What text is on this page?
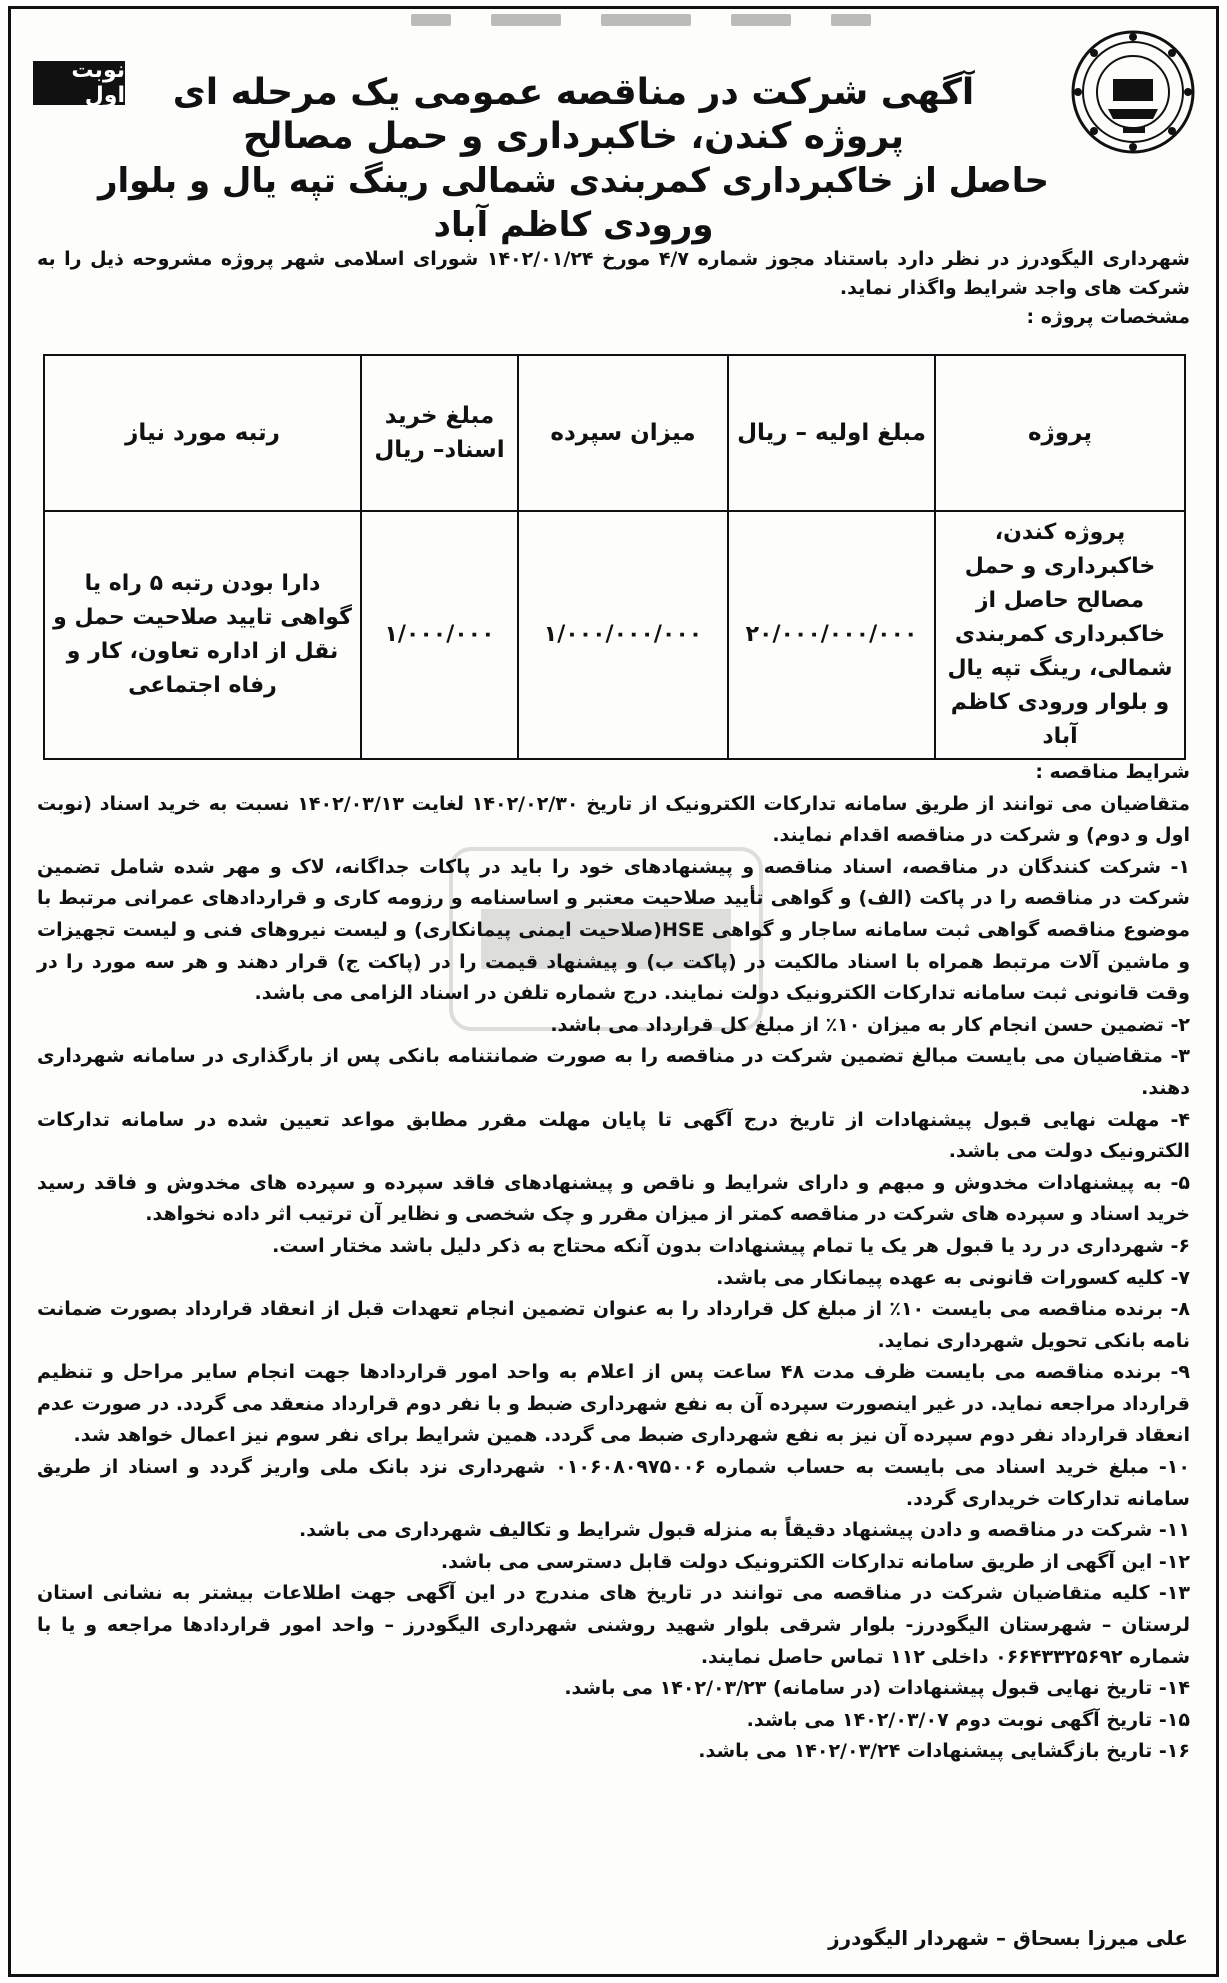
نوبت اول	آگهی شرکت در مناقصه عمومی یک مرحله ای
پروژه کندن، خاکبرداری و حمل مصالح
حاصل از خاکبرداری کمربندی شمالی رینگ تپه یال و بلوار ورودی کاظم آباد
شهرداری الیگودرز در نظر دارد باستناد مجوز شماره ۴/۷ مورخ ۱۴۰۲/۰۱/۲۴ شورای اسلامی شهر پروژه مشروحه ذیل را به شرکت های واجد شرایط واگذار نماید.
مشخصات پروژه :
پروژه	مبلغ اولیه – ریال	میزان سپرده	مبلغ خرید اسناد– ریال	رتبه مورد نیاز
پروژه کندن، خاکبرداری و حمل مصالح حاصل از خاکبرداری کمربندی شمالی، رینگ تپه یال و بلوار ورودی کاظم آباد	۲۰/۰۰۰/۰۰۰/۰۰۰	۱/۰۰۰/۰۰۰/۰۰۰	۱/۰۰۰/۰۰۰	دارا بودن رتبه ۵ راه یا گواهی تایید صلاحیت حمل و نقل از اداره تعاون، کار و رفاه اجتماعی

شرایط مناقصه :

متقاضیان می توانند از طریق سامانه تدارکات الکترونیک از تاریخ ۱۴۰۲/۰۲/۳۰ لغایت ۱۴۰۲/۰۳/۱۳ نسبت به خرید اسناد (نوبت اول و دوم) و شرکت در مناقصه اقدام نمایند.

۱- شرکت کنندگان در مناقصه، اسناد مناقصه و پیشنهادهای خود را باید در پاکات جداگانه، لاک و مهر شده شامل تضمین شرکت در مناقصه را در پاکت (الف) و گواهی تأیید صلاحیت معتبر و اساسنامه و رزومه کاری و قراردادهای عمرانی مرتبط با موضوع مناقصه گواهی ثبت سامانه ساجار و گواهی HSE(صلاحیت ایمنی پیمانکاری) و لیست نیروهای فنی و لیست تجهیزات و ماشین آلات مرتبط همراه با اسناد مالکیت در (پاکت ب) و پیشنهاد قیمت را در (پاکت ج) قرار دهند و هر سه مورد را در وقت قانونی ثبت سامانه تدارکات الکترونیک دولت نمایند. درج شماره تلفن در اسناد الزامی می باشد.

۲- تضمین حسن انجام کار به میزان ۱۰٪ از مبلغ کل قرارداد می باشد.

۳- متقاضیان می بایست مبالغ تضمین شرکت در مناقصه را به صورت ضمانتنامه بانکی پس از بارگذاری در سامانه شهرداری دهند.

۴- مهلت نهایی قبول پیشنهادات از تاریخ درج آگهی تا پایان مهلت مقرر مطابق مواعد تعیین شده در سامانه تدارکات الکترونیک دولت می باشد.

۵- به پیشنهادات مخدوش و مبهم و دارای شرایط و ناقص و پیشنهادهای فاقد سپرده و سپرده های مخدوش و فاقد رسید خرید اسناد و سپرده های شرکت در مناقصه کمتر از میزان مقرر و چک شخصی و نظایر آن ترتیب اثر داده نخواهد.

۶- شهرداری در رد یا قبول هر یک یا تمام پیشنهادات بدون آنکه محتاج به ذکر دلیل باشد مختار است.

۷- کلیه کسورات قانونی به عهده پیمانکار می باشد.

۸- برنده مناقصه می بایست ۱۰٪ از مبلغ کل قرارداد را به عنوان تضمین انجام تعهدات قبل از انعقاد قرارداد بصورت ضمانت نامه بانکی تحویل شهرداری نماید.

۹- برنده مناقصه می بایست ظرف مدت ۴۸ ساعت پس از اعلام به واحد امور قراردادها جهت انجام سایر مراحل و تنظیم قرارداد مراجعه نماید. در غیر اینصورت سپرده آن به نفع شهرداری ضبط و با نفر دوم قرارداد منعقد می گردد. در صورت عدم انعقاد قرارداد نفر دوم سپرده آن نیز به نفع شهرداری ضبط می گردد. همین شرایط برای نفر سوم نیز اعمال خواهد شد.

۱۰- مبلغ خرید اسناد می بایست به حساب شماره ۰۱۰۶۰۸۰۹۷۵۰۰۶ شهرداری نزد بانک ملی واریز گردد و اسناد از طریق سامانه تدارکات خریداری گردد.

۱۱- شرکت در مناقصه و دادن پیشنهاد دقیقاً به منزله قبول شرایط و تکالیف شهرداری می باشد.

۱۲- این آگهی از طریق سامانه تدارکات الکترونیک دولت قابل دسترسی می باشد.

۱۳- کلیه متقاضیان شرکت در مناقصه می توانند در تاریخ های مندرج در این آگهی جهت اطلاعات بیشتر به نشانی استان لرستان – شهرستان الیگودرز- بلوار شرقی بلوار شهید روشنی شهرداری الیگودرز – واحد امور قراردادها مراجعه و یا با شماره ۰۶۶۴۳۳۲۵۶۹۲ داخلی ۱۱۲ تماس حاصل نمایند.

۱۴- تاریخ نهایی قبول پیشنهادات (در سامانه) ۱۴۰۲/۰۳/۲۳ می باشد.

۱۵- تاریخ آگهی نوبت دوم ۱۴۰۲/۰۳/۰۷ می باشد.

۱۶- تاریخ بازگشایی پیشنهادات ۱۴۰۲/۰۳/۲۴ می باشد.

علی میرزا بسحاق – شهردار الیگودرز
